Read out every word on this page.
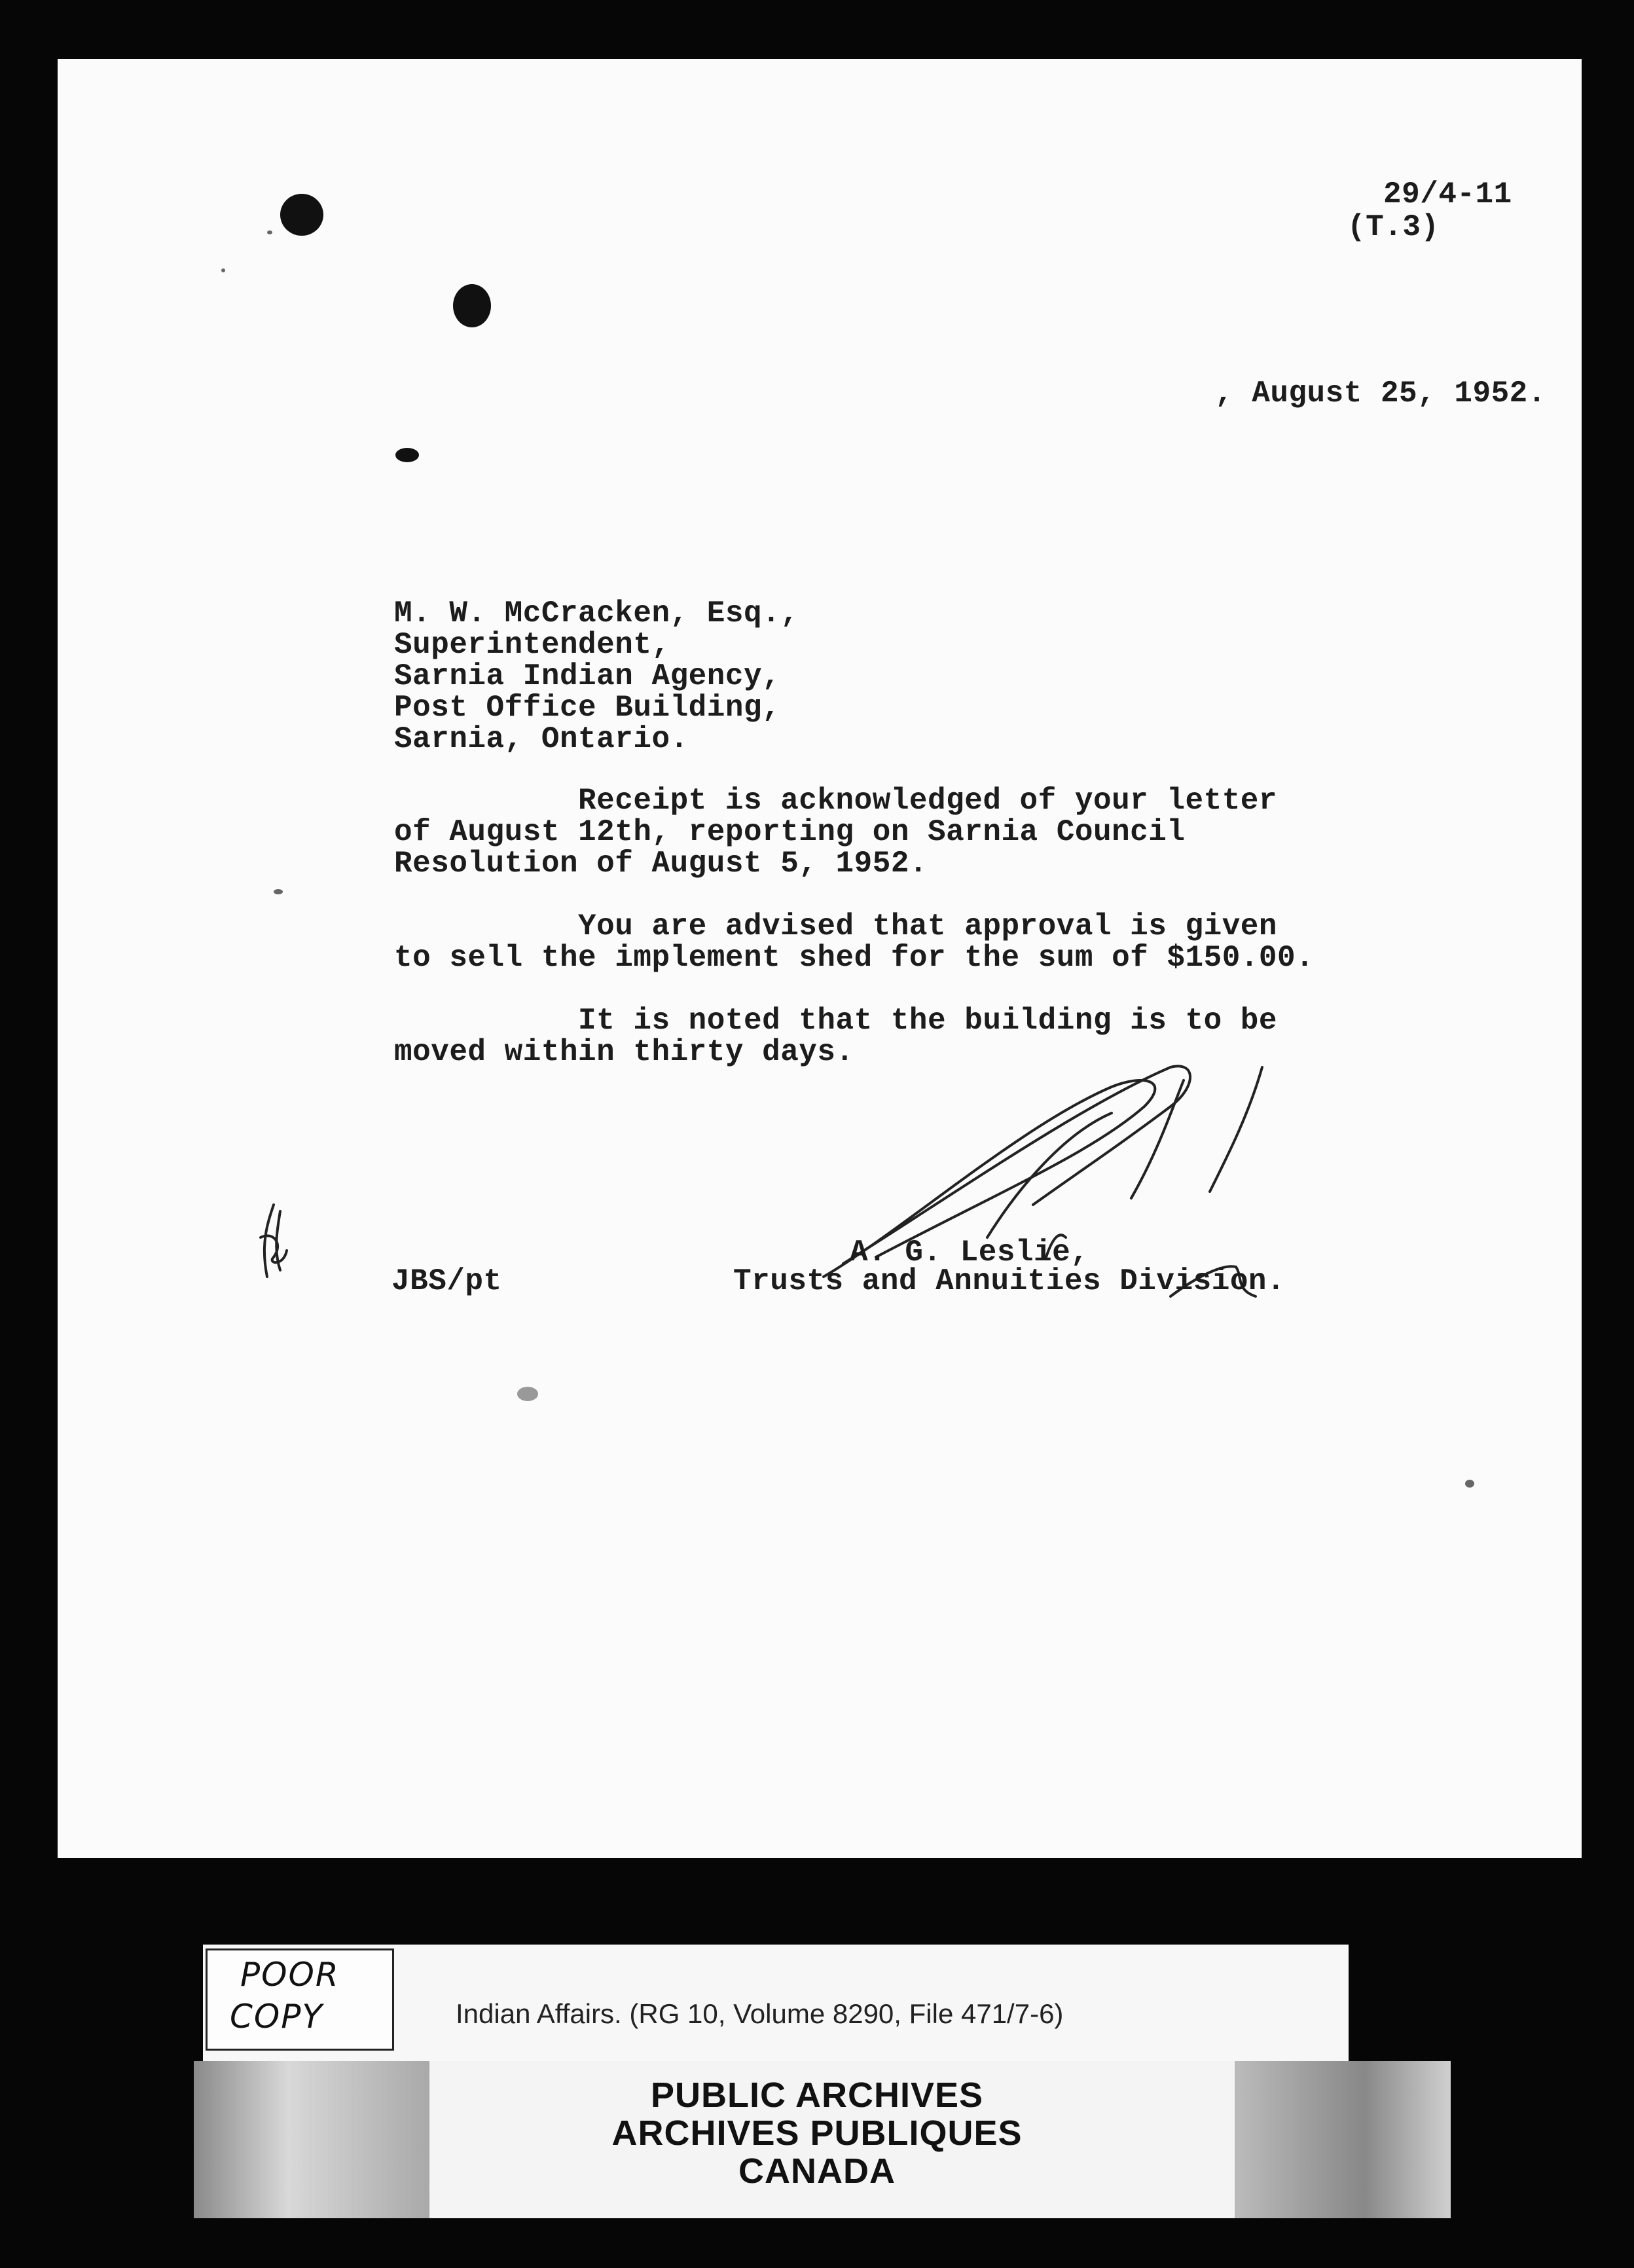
29/4-11
(T.3)
, August 25, 1952.
M. W. McCracken, Esq.,
Superintendent,
Sarnia Indian Agency,
Post Office Building,
Sarnia, Ontario.
Receipt is acknowledged of your letter
of August 12th, reporting on Sarnia Council
Resolution of August 5, 1952.
You are advised that approval is given
to sell the implement shed for the sum of $150.00.
It is noted that the building is to be
moved within thirty days.
A. G. Leslie,
JBS/pt	Trusts and Annuities Division.
POOR
COPY	Indian Affairs. (RG 10, Volume 8290, File 471/7-6)
PUBLIC ARCHIVES
ARCHIVES PUBLIQUES
CANADA
